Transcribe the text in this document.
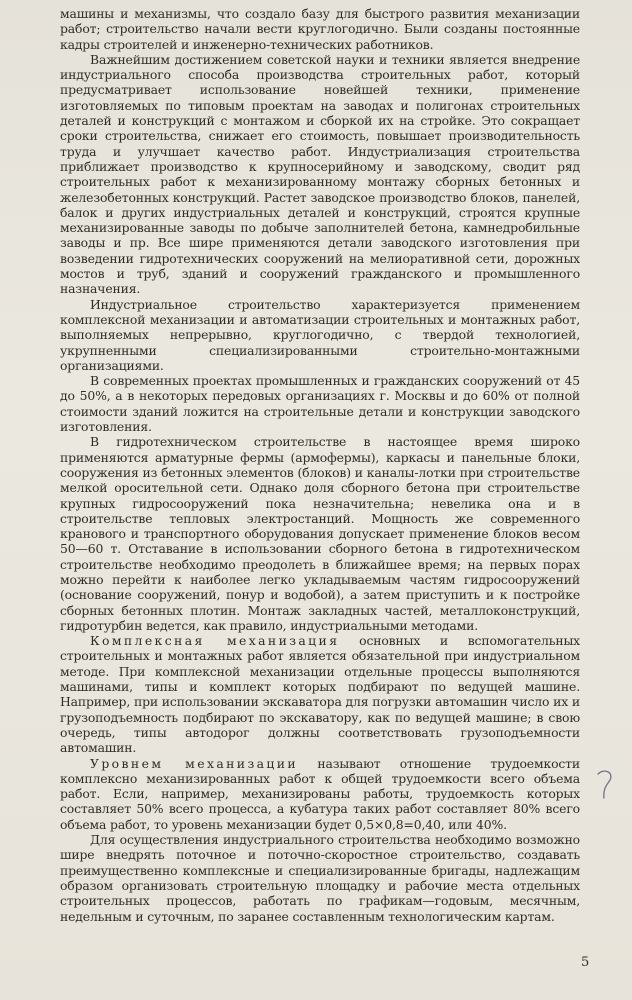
машины и механизмы, что создало базу для быстрого развития механизации работ; строительство начали вести круглогодично. Были созданы постоянные кадры строителей и инженерно-технических работников.

Важнейшим достижением советской науки и техники является внедрение индустриального способа производства строительных работ, который предусматривает использование новейшей техники, применение изготовляемых по типовым проектам на заводах и полигонах строительных деталей и конструкций с монтажом и сборкой их на стройке. Это сокращает сроки строительства, снижает его стоимость, повышает производительность труда и улучшает качество работ. Индустриализация строительства приближает производство к крупносерийному и заводскому, сводит ряд строительных работ к механизированному монтажу сборных бетонных и железобетонных конструкций. Растет заводское производство блоков, панелей, балок и других индустриальных деталей и конструкций, строятся крупные механизированные заводы по добыче заполнителей бетона, камнедробильные заводы и пр. Все шире применяются детали заводского изготовления при возведении гидротехнических сооружений на мелиоративной сети, дорожных мостов и труб, зданий и сооружений гражданского и промышленного назначения.

Индустриальное строительство характеризуется применением комплексной механизации и автоматизации строительных и монтажных работ, выполняемых непрерывно, круглогодично, с твердой технологией, укрупненными специализированными строительно-монтажными организациями.

В современных проектах промышленных и гражданских сооружений от 45 до 50%, а в некоторых передовых организациях г. Москвы и до 60% от полной стоимости зданий ложится на строительные детали и конструкции заводского изготовления.

В гидротехническом строительстве в настоящее время широко применяются арматурные фермы (армофермы), каркасы и панельные блоки, сооружения из бетонных элементов (блоков) и каналы-лотки при строительстве мелкой оросительной сети. Однако доля сборного бетона при строительстве крупных гидросооружений пока незначительна; невелика она и в строительстве тепловых электростанций. Мощность же современного кранового и транспортного оборудования допускает применение блоков весом 50—60 т. Отставание в использовании сборного бетона в гидротехническом строительстве необходимо преодолеть в ближайшее время; на первых порах можно перейти к наиболее легко укладываемым частям гидросооружений (основание сооружений, понур и водобой), а затем приступить и к постройке сборных бетонных плотин. Монтаж закладных частей, металлоконструкций, гидротурбин ведется, как правило, индустриальными методами.

Комплексная механизация основных и вспомогательных строительных и монтажных работ является обязательной при индустриальном методе. При комплексной механизации отдельные процессы выполняются машинами, типы и комплект которых подбирают по ведущей машине. Например, при использовании экскаватора для погрузки автомашин число их и грузоподъемность подбирают по экскаватору, как по ведущей машине; в свою очередь, типы автодорог должны соответствовать грузоподъемности автомашин.

Уровнем механизации называют отношение трудоемкости комплексно механизированных работ к общей трудоемкости всего объема работ. Если, например, механизированы работы, трудоемкость которых составляет 50% всего процесса, а кубатура таких работ составляет 80% всего объема работ, то уровень механизации будет 0,5×0,8=0,40, или 40%.

Для осуществления индустриального строительства необходимо возможно шире внедрять поточное и поточно-скоростное строительство, создавать преимущественно комплексные и специализированные бригады, надлежащим образом организовать строительную площадку и рабочие места отдельных строительных процессов, работать по графикам—годовым, месячным, недельным и суточным, по заранее составленным технологическим картам.

5
